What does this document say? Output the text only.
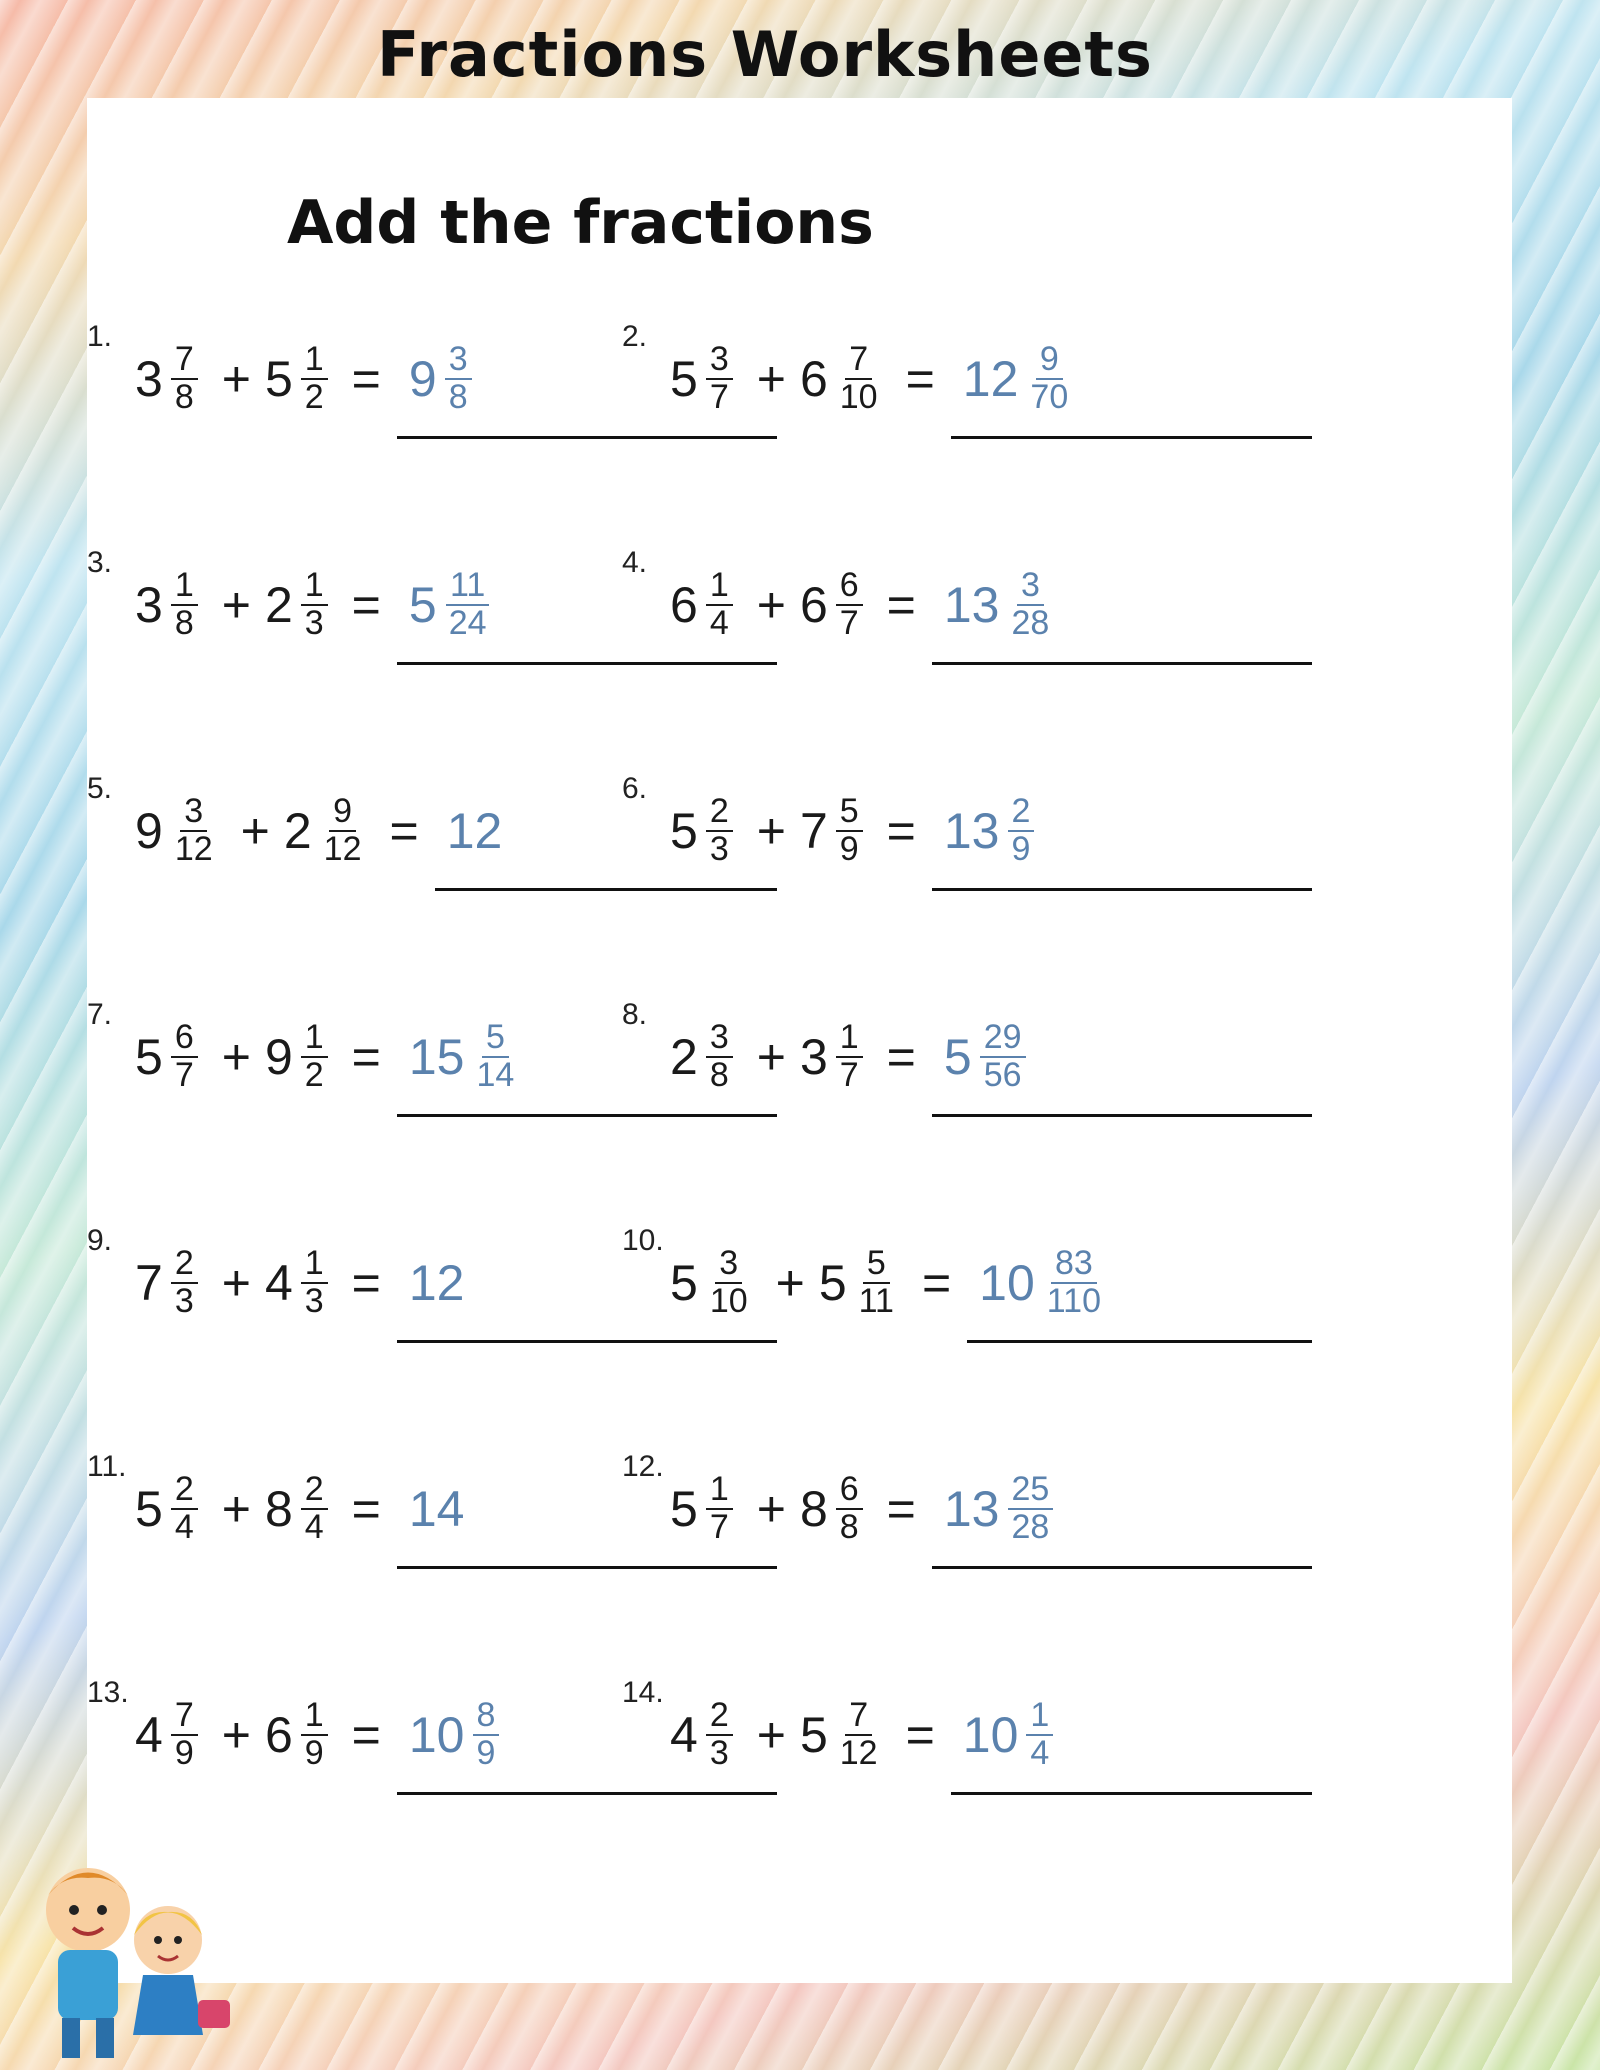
Fractions Worksheets
Add the fractions
1.
$3 \frac{7}{8} + 5 \frac{1}{2} = 9 \frac{3}{8}$
2.
$5 \frac{3}{7} + 6 \frac{7}{10} = 12 \frac{9}{70}$
3.
$3 \frac{1}{8} + 2 \frac{1}{3} = 5 \frac{11}{24}$
4.
$6 \frac{1}{4} + 6 \frac{6}{7} = 13 \frac{3}{28}$
5.
$9 \frac{3}{12} + 2 \frac{9}{12} = 12$
6.
$5 \frac{2}{3} + 7 \frac{5}{9} = 13 \frac{2}{9}$
7.
$5 \frac{6}{7} + 9 \frac{1}{2} = 15 \frac{5}{14}$
8.
$2 \frac{3}{8} + 3 \frac{1}{7} = 5 \frac{29}{56}$
9.
$7 \frac{2}{3} + 4 \frac{1}{3} = 12$
10.
$5 \frac{3}{10} + 5 \frac{5}{11} = 10 \frac{83}{110}$
11.
$5 \frac{2}{4} + 8 \frac{2}{4} = 14$
12.
$5 \frac{1}{7} + 8 \frac{6}{8} = 13 \frac{25}{28}$
13.
$4 \frac{7}{9} + 6 \frac{1}{9} = 10 \frac{8}{9}$
14.
$4 \frac{2}{3} + 5 \frac{7}{12} = 10 \frac{1}{4}$
